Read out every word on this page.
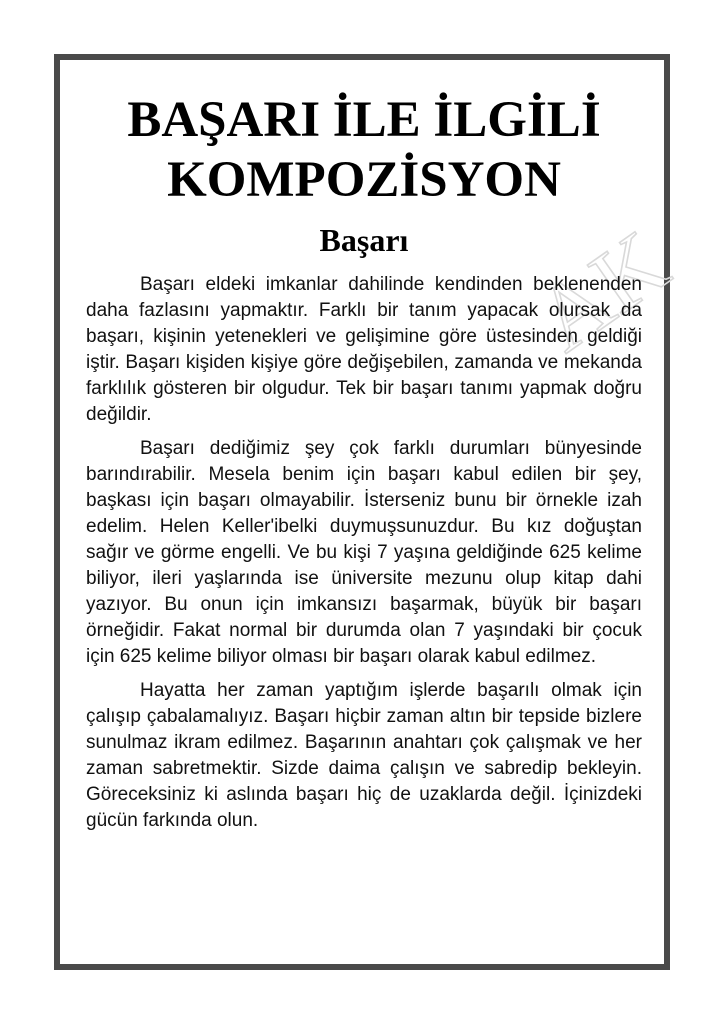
AK
BAŞARI İLE İLGİLİ
KOMPOZİSYON
Başarı

Başarı eldeki imkanlar dahilinde kendinden beklenenden daha fazlasını yapmaktır. Farklı bir tanım yapacak olursak da başarı, kişinin yetenekleri ve gelişimine göre üstesinden geldiği iştir. Başarı kişiden kişiye göre değişebilen, zamanda ve mekanda farklılık gösteren bir olgudur. Tek bir başarı tanımı yapmak doğru değildir.

Başarı dediğimiz şey çok farklı durumları bünyesinde barındırabilir. Mesela benim için başarı kabul edilen bir şey, başkası için başarı olmayabilir. İsterseniz bunu bir örnekle izah edelim. Helen Keller'ibelki duymuşsunuzdur. Bu kız doğuştan sağır ve görme engelli. Ve bu kişi 7 yaşına geldiğinde 625 kelime biliyor, ileri yaşlarında ise üniversite mezunu olup kitap dahi yazıyor. Bu onun için imkansızı başarmak, büyük bir başarı örneğidir. Fakat normal bir durumda olan 7 yaşındaki bir çocuk için 625 kelime biliyor olması bir başarı olarak kabul edilmez.

Hayatta her zaman yaptığım işlerde başarılı olmak için çalışıp çabalamalıyız. Başarı hiçbir zaman altın bir tepside bizlere sunulmaz ikram edilmez. Başarının anahtarı çok çalışmak ve her zaman sabretmektir. Sizde daima çalışın ve sabredip bekleyin. Göreceksiniz ki aslında başarı hiç de uzaklarda değil. İçinizdeki gücün farkında olun.
